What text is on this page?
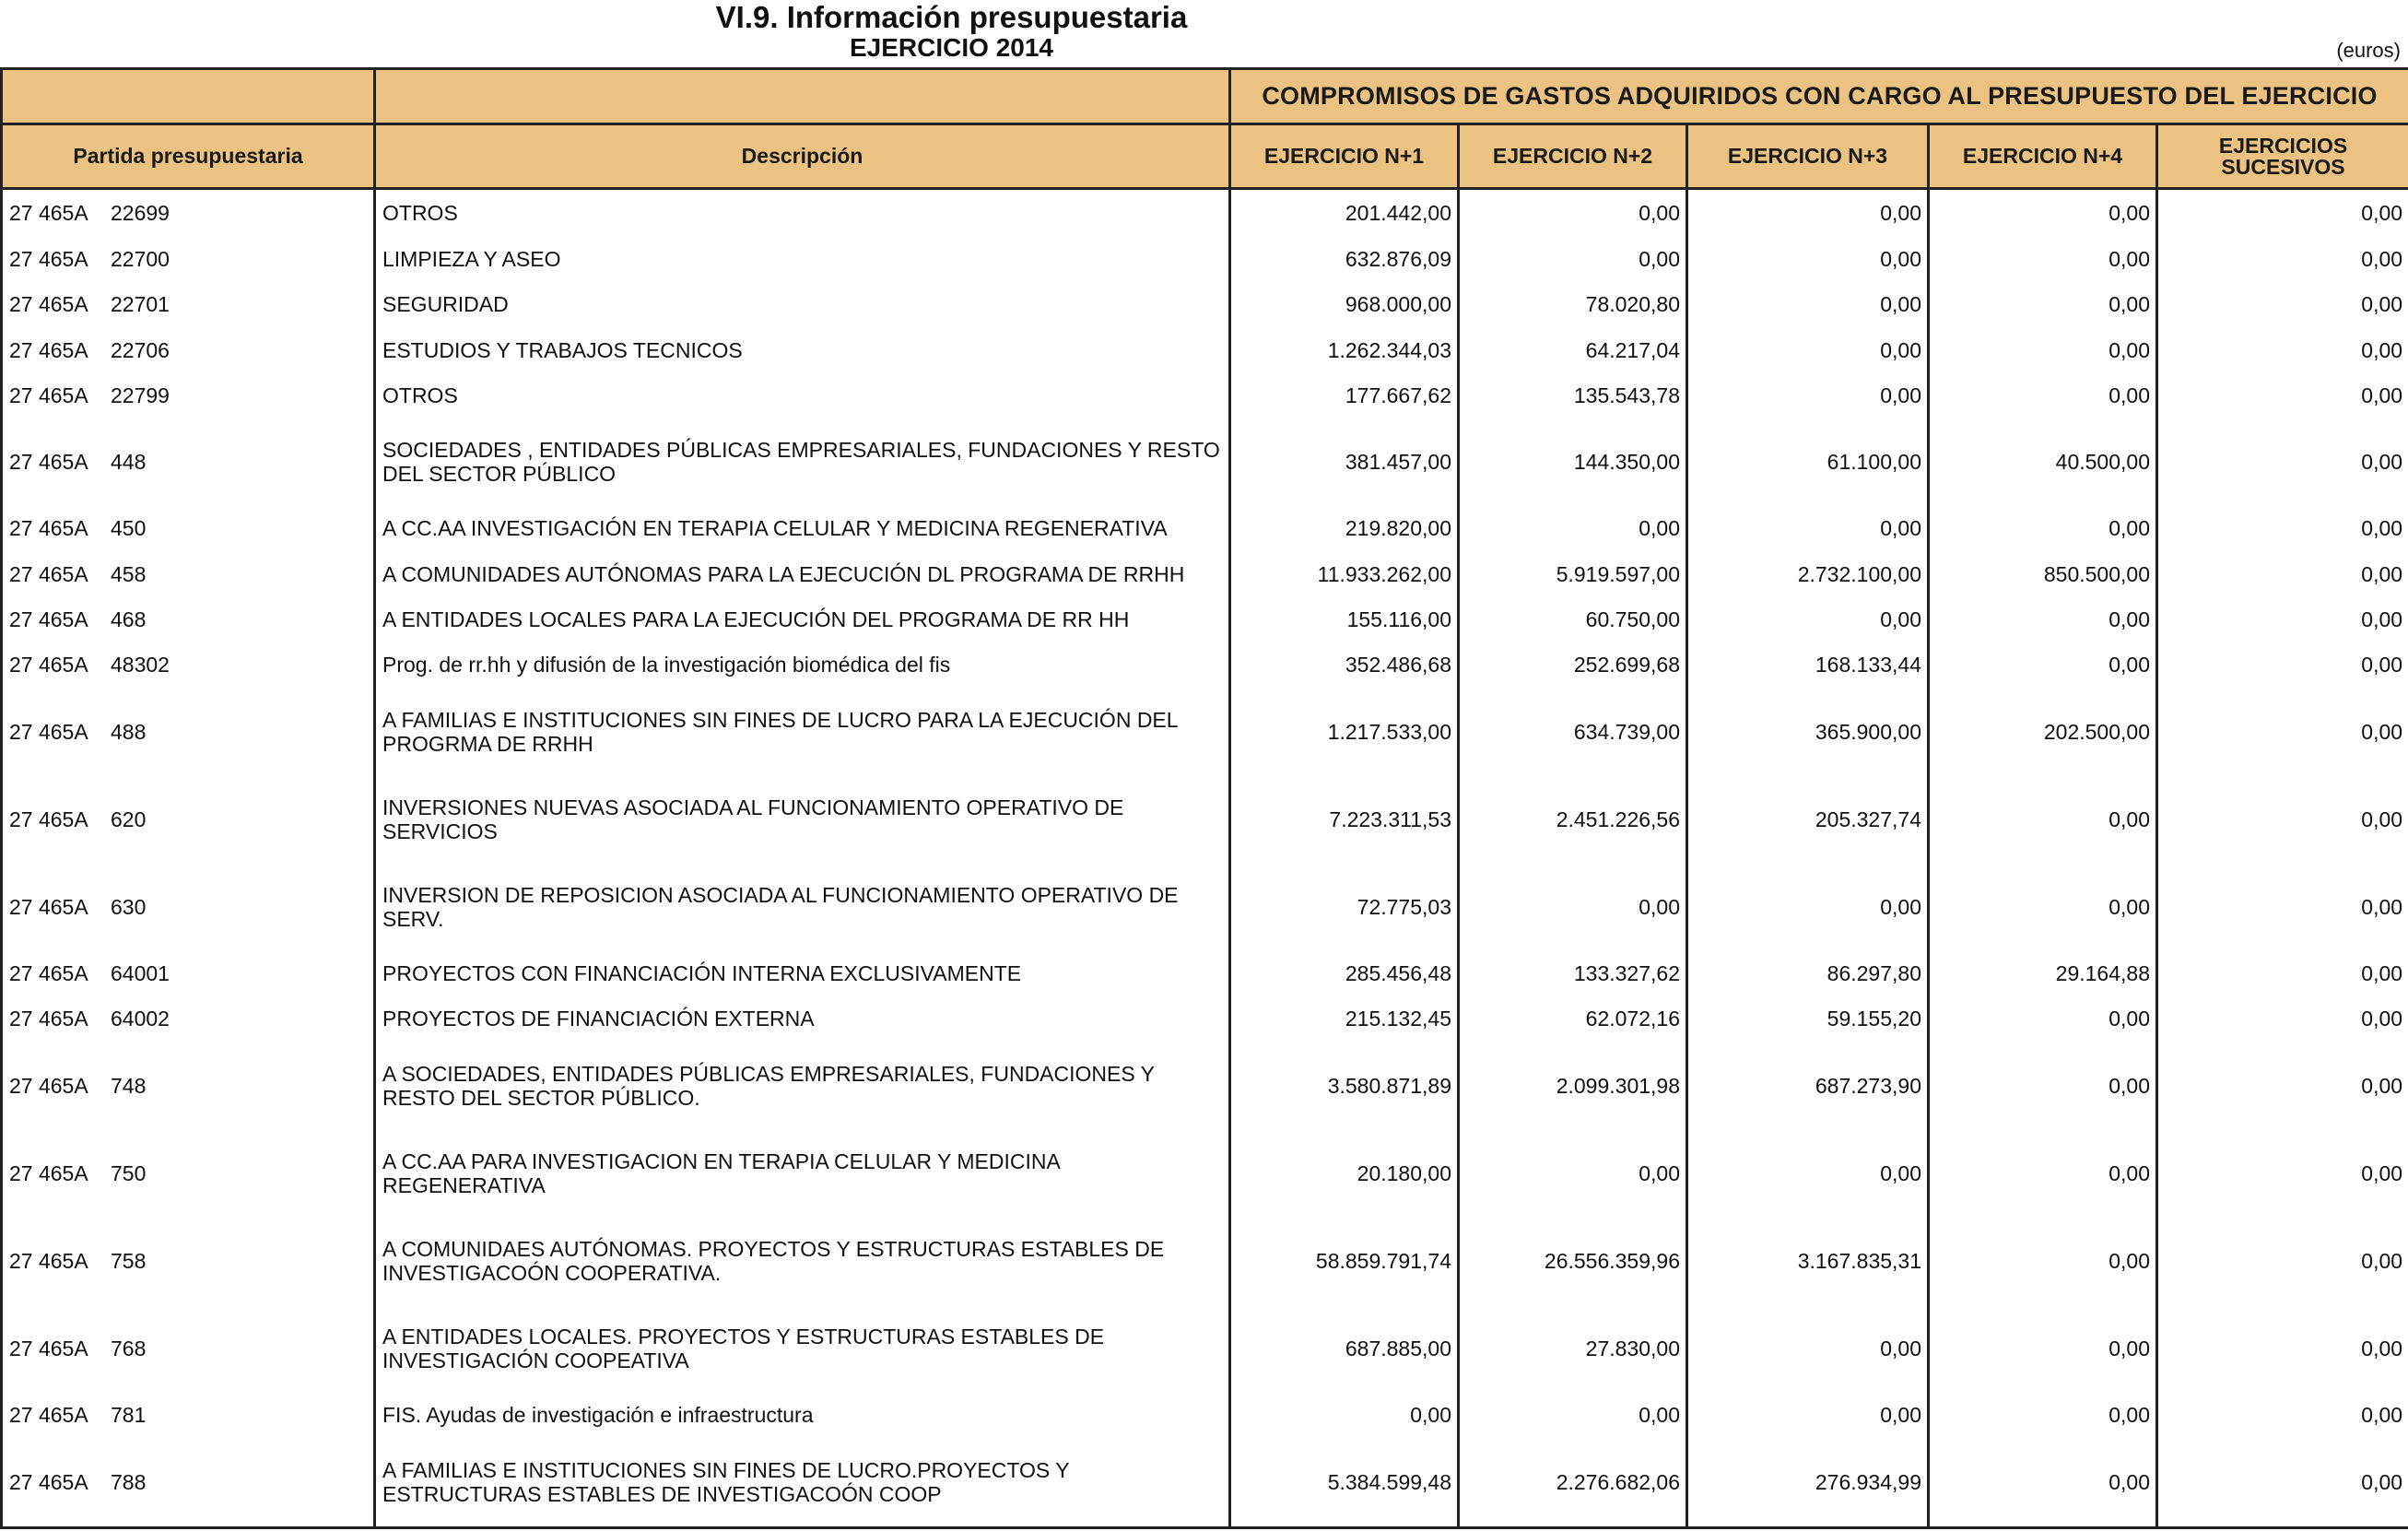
VI.9. Información presupuestaria
EJERCICIO 2014	(euros)
		COMPROMISOS DE GASTOS ADQUIRIDOS CON CARGO AL PRESUPUESTO DEL EJERCICIO				
Partida presupuestaria	Descripción	EJERCICIO N+1	EJERCICIO N+2	EJERCICIO N+3	EJERCICIO N+4	EJERCICIOS SUCESIVOS
27 465A    22699	OTROS	201.442,00	0,00	0,00	0,00	0,00
27 465A    22700	LIMPIEZA Y ASEO	632.876,09	0,00	0,00	0,00	0,00
27 465A    22701	SEGURIDAD	968.000,00	78.020,80	0,00	0,00	0,00
27 465A    22706	ESTUDIOS Y TRABAJOS TECNICOS	1.262.344,03	64.217,04	0,00	0,00	0,00
27 465A    22799	OTROS	177.667,62	135.543,78	0,00	0,00	0,00
27 465A    448	SOCIEDADES , ENTIDADES PÚBLICAS EMPRESARIALES, FUNDACIONES Y RESTO DEL SECTOR PÚBLICO	381.457,00	144.350,00	61.100,00	40.500,00	0,00
27 465A    450	A CC.AA INVESTIGACIÓN EN TERAPIA CELULAR Y MEDICINA REGENERATIVA	219.820,00	0,00	0,00	0,00	0,00
27 465A    458	A COMUNIDADES AUTÓNOMAS PARA LA EJECUCIÓN DL PROGRAMA DE RRHH	11.933.262,00	5.919.597,00	2.732.100,00	850.500,00	0,00
27 465A    468	A ENTIDADES LOCALES PARA LA EJECUCIÓN DEL PROGRAMA DE RR HH	155.116,00	60.750,00	0,00	0,00	0,00
27 465A    48302	Prog. de rr.hh y difusión de la investigación biomédica del fis	352.486,68	252.699,68	168.133,44	0,00	0,00
27 465A    488	A FAMILIAS E INSTITUCIONES SIN FINES DE LUCRO PARA LA EJECUCIÓN DEL PROGRMA DE RRHH	1.217.533,00	634.739,00	365.900,00	202.500,00	0,00
27 465A    620	INVERSIONES NUEVAS ASOCIADA AL FUNCIONAMIENTO OPERATIVO DE SERVICIOS	7.223.311,53	2.451.226,56	205.327,74	0,00	0,00
27 465A    630	INVERSION DE REPOSICION ASOCIADA AL FUNCIONAMIENTO OPERATIVO DE SERV.	72.775,03	0,00	0,00	0,00	0,00
27 465A    64001	PROYECTOS CON FINANCIACIÓN INTERNA EXCLUSIVAMENTE	285.456,48	133.327,62	86.297,80	29.164,88	0,00
27 465A    64002	PROYECTOS DE FINANCIACIÓN EXTERNA	215.132,45	62.072,16	59.155,20	0,00	0,00
27 465A    748	A SOCIEDADES, ENTIDADES PÚBLICAS EMPRESARIALES, FUNDACIONES Y RESTO DEL SECTOR PÚBLICO.	3.580.871,89	2.099.301,98	687.273,90	0,00	0,00
27 465A    750	A CC.AA PARA INVESTIGACION EN TERAPIA CELULAR Y MEDICINA REGENERATIVA	20.180,00	0,00	0,00	0,00	0,00
27 465A    758	A COMUNIDAES AUTÓNOMAS. PROYECTOS Y ESTRUCTURAS ESTABLES DE INVESTIGACOÓN COOPERATIVA.	58.859.791,74	26.556.359,96	3.167.835,31	0,00	0,00
27 465A    768	A ENTIDADES LOCALES. PROYECTOS Y ESTRUCTURAS ESTABLES DE INVESTIGACIÓN COOPEATIVA	687.885,00	27.830,00	0,00	0,00	0,00
27 465A    781	FIS. Ayudas de investigación e infraestructura	0,00	0,00	0,00	0,00	0,00
27 465A    788	A FAMILIAS E INSTITUCIONES SIN FINES DE LUCRO.PROYECTOS Y ESTRUCTURAS ESTABLES DE INVESTIGACOÓN COOP	5.384.599,48	2.276.682,06	276.934,99	0,00	0,00
